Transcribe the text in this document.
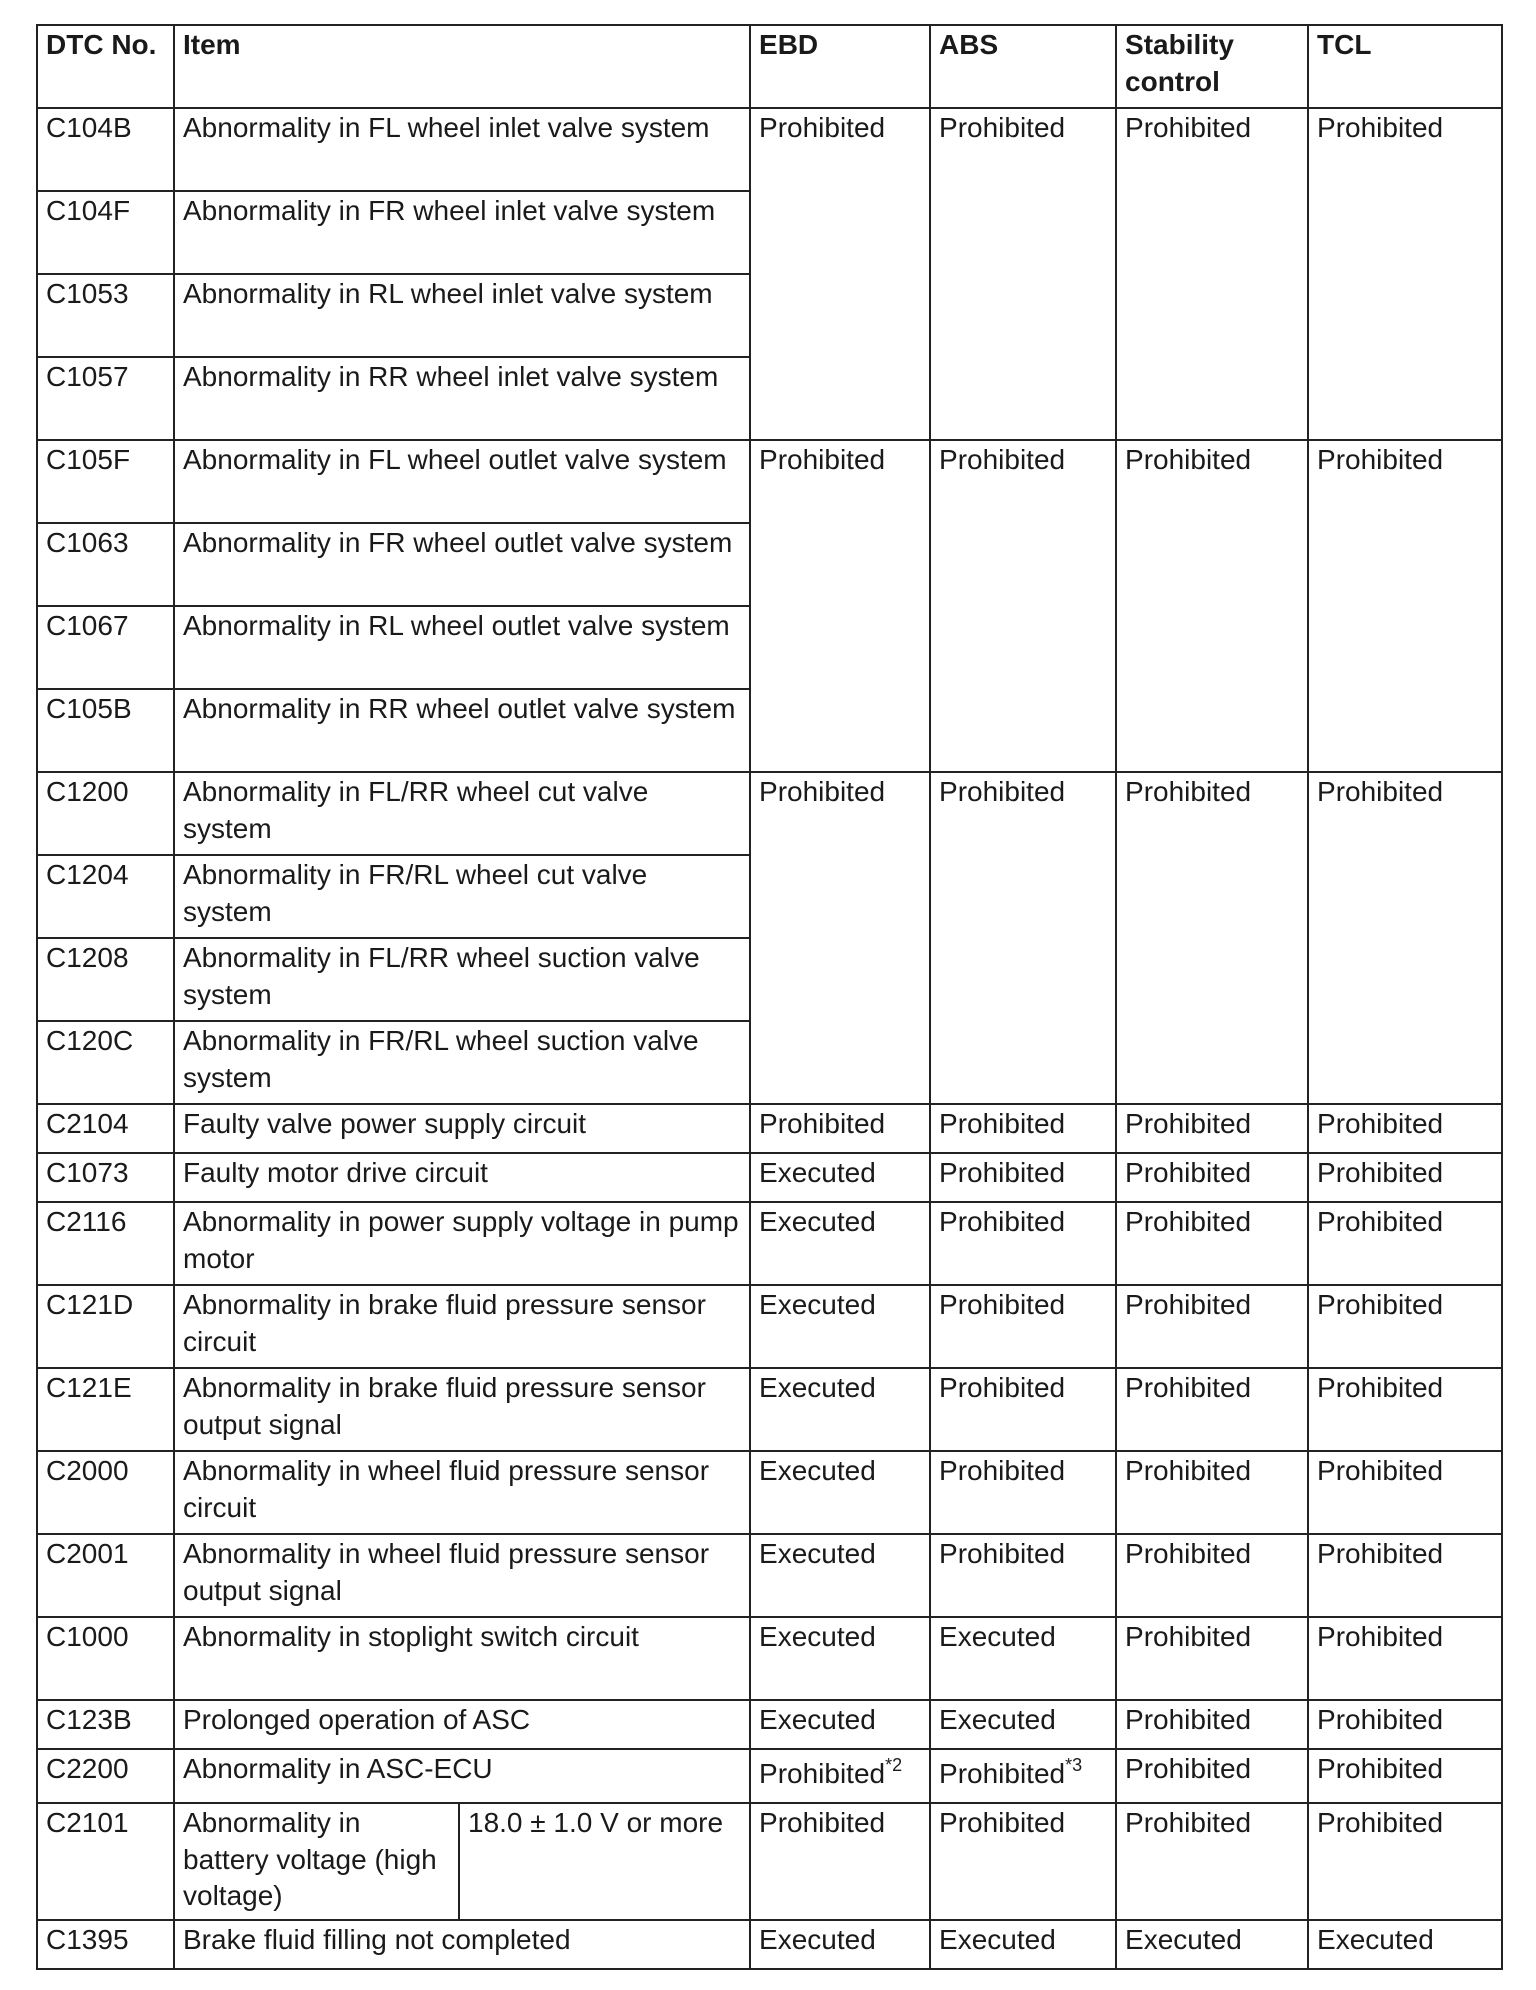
DTC No.	Item		EBD	ABS	Stability control	TCL
C104B	Abnormality in FL wheel inlet valve system		Prohibited	Prohibited	Prohibited	Prohibited
C104F	Abnormality in FR wheel inlet valve system					
C1053	Abnormality in RL wheel inlet valve system					
C1057	Abnormality in RR wheel inlet valve system					
C105F	Abnormality in FL wheel outlet valve system		Prohibited	Prohibited	Prohibited	Prohibited
C1063	Abnormality in FR wheel outlet valve system					
C1067	Abnormality in RL wheel outlet valve system					
C105B	Abnormality in RR wheel outlet valve system					
C1200	Abnormality in FL/RR wheel cut valve system		Prohibited	Prohibited	Prohibited	Prohibited
C1204	Abnormality in FR/RL wheel cut valve system					
C1208	Abnormality in FL/RR wheel suction valve system					
C120C	Abnormality in FR/RL wheel suction valve system					
C2104	Faulty valve power supply circuit		Prohibited	Prohibited	Prohibited	Prohibited
C1073	Faulty motor drive circuit		Executed	Prohibited	Prohibited	Prohibited
C2116	Abnormality in power supply voltage in pump motor		Executed	Prohibited	Prohibited	Prohibited
C121D	Abnormality in brake fluid pressure sensor circuit		Executed	Prohibited	Prohibited	Prohibited
C121E	Abnormality in brake fluid pressure sensor output signal		Executed	Prohibited	Prohibited	Prohibited
C2000	Abnormality in wheel fluid pressure sensor circuit		Executed	Prohibited	Prohibited	Prohibited
C2001	Abnormality in wheel fluid pressure sensor output signal		Executed	Prohibited	Prohibited	Prohibited
C1000	Abnormality in stoplight switch circuit		Executed	Executed	Prohibited	Prohibited
C123B	Prolonged operation of ASC		Executed	Executed	Prohibited	Prohibited
C2200	Abnormality in ASC-ECU		Prohibited$^{*2}$	Prohibited$^{*3}$	Prohibited	Prohibited
C2101	Abnormality in battery voltage (high voltage)	18.0 ± 1.0 V or more	Prohibited	Prohibited	Prohibited	Prohibited
C1395	Brake fluid filling not completed		Executed	Executed	Executed	Executed
